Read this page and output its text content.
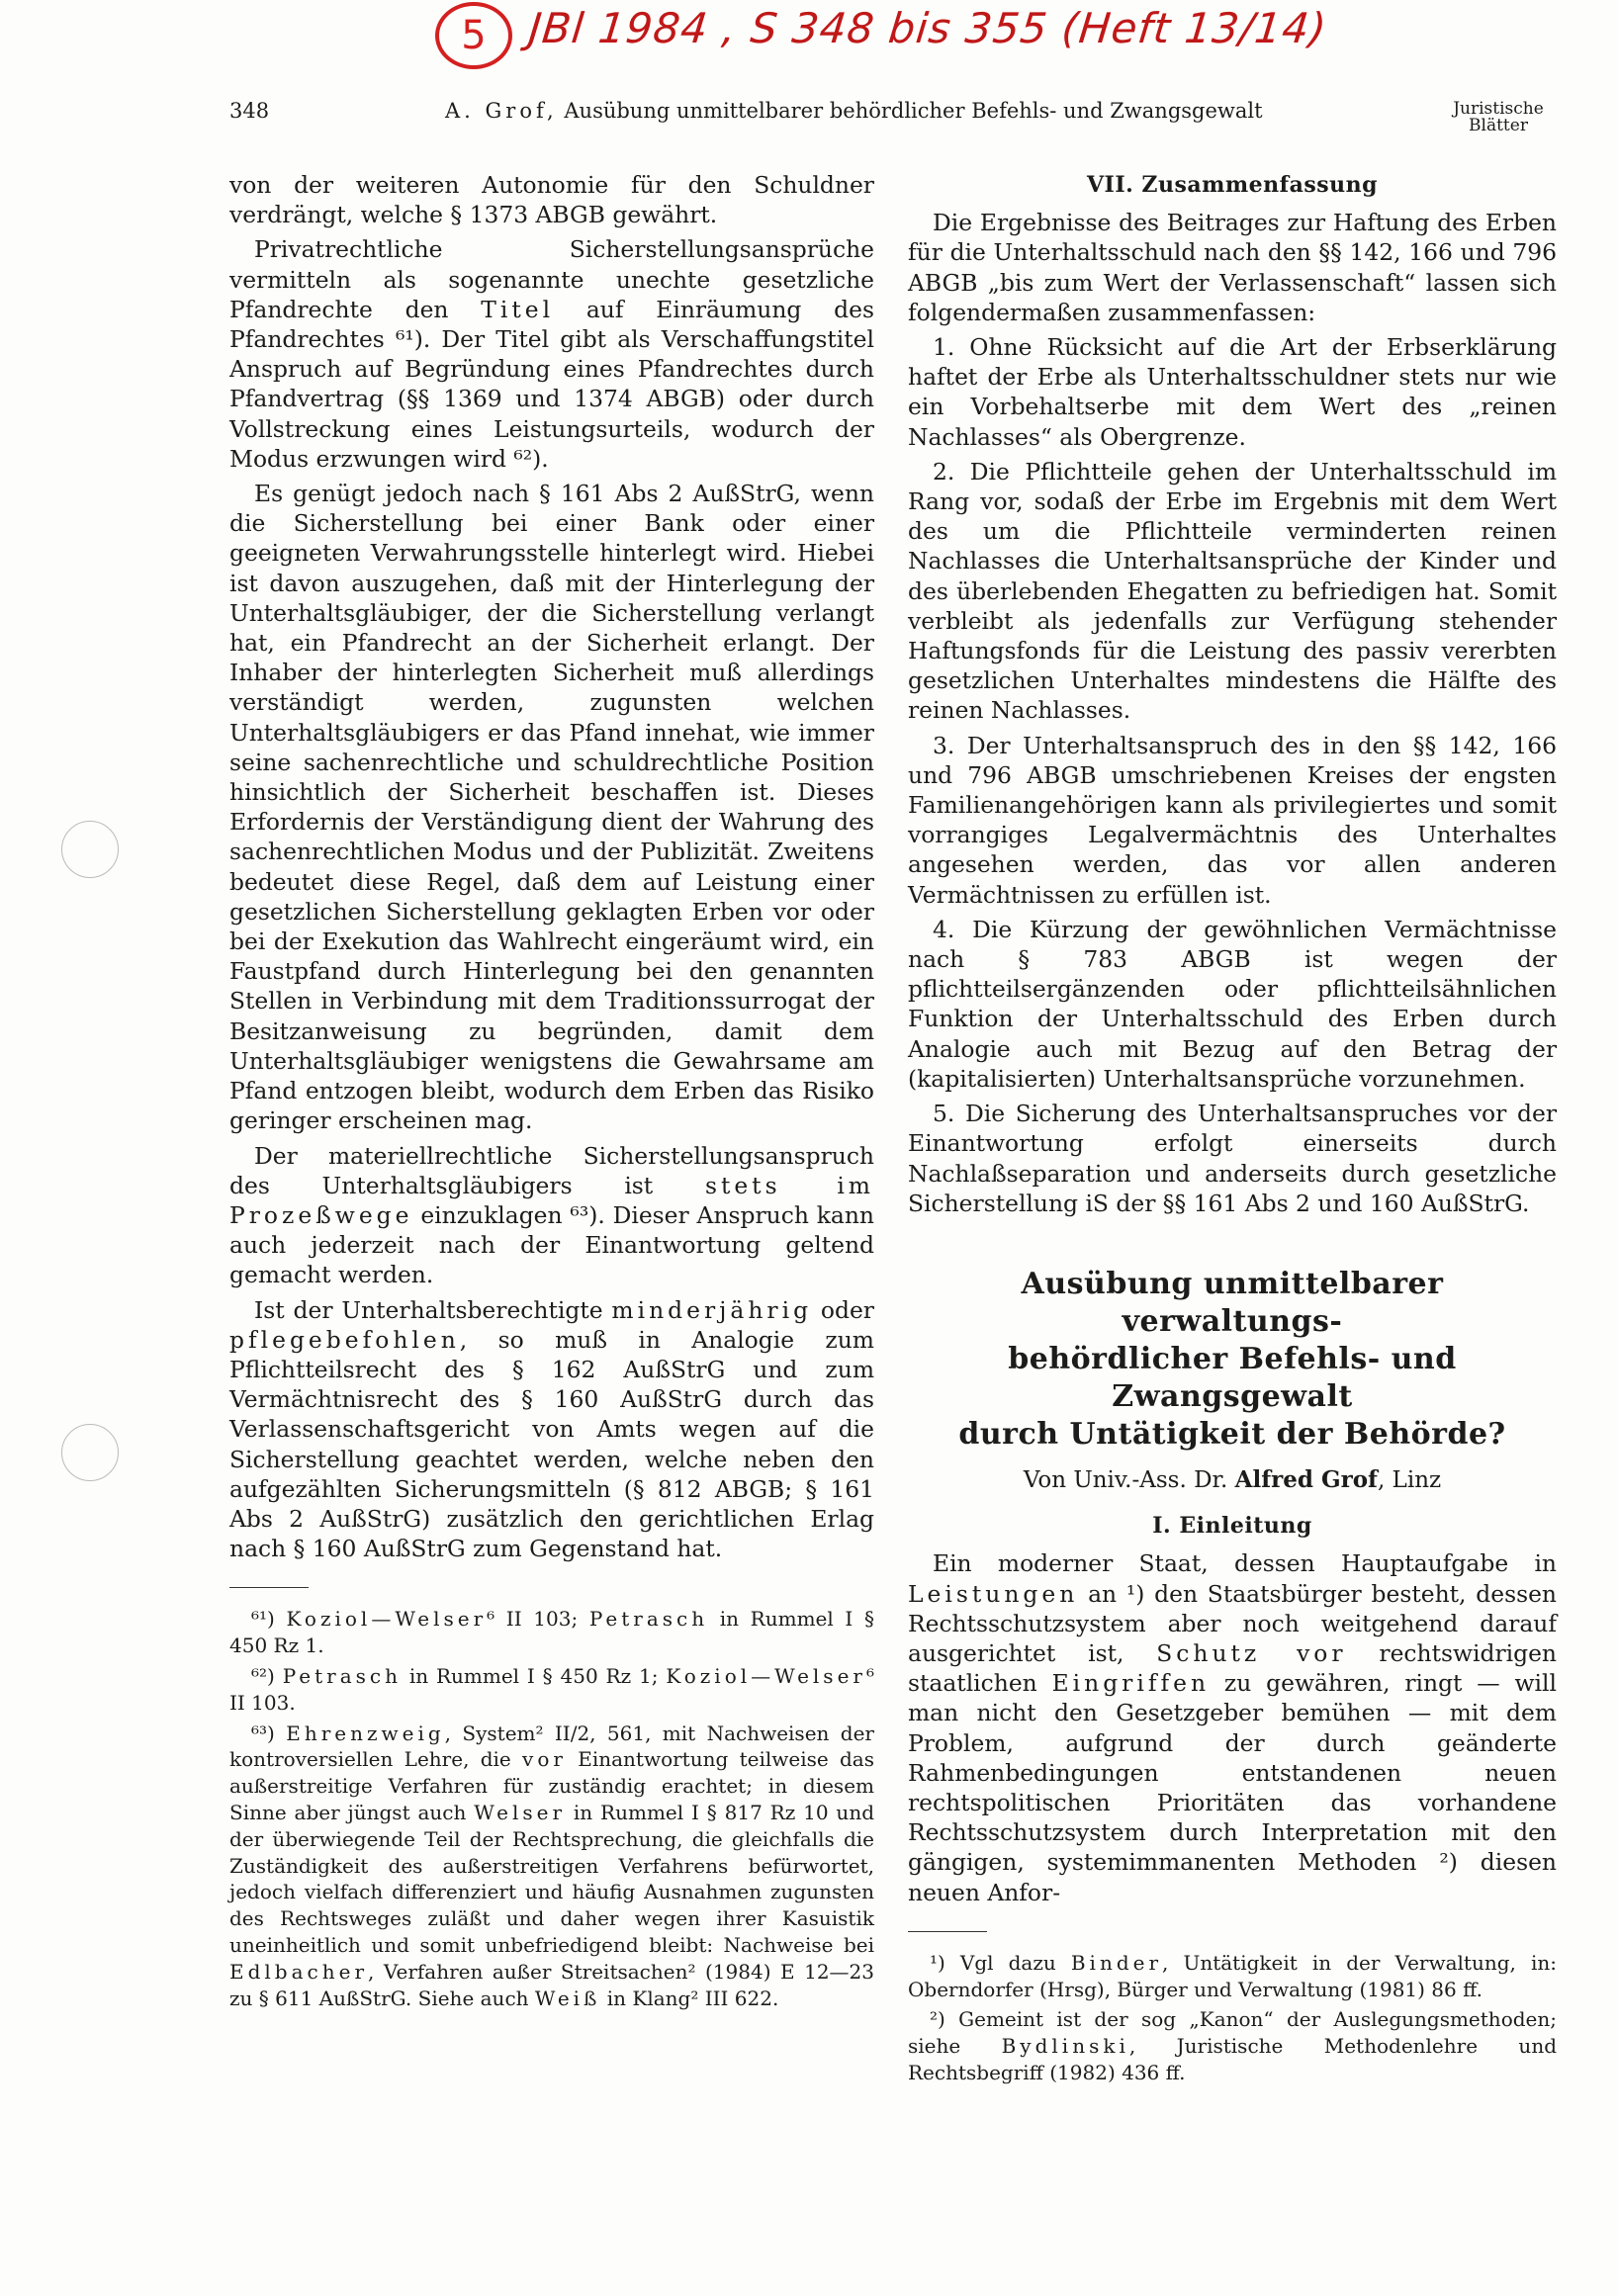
5 JBl 1984 , S 348 bis 355 (Heft 13/14)
348	A. Grof, Ausübung unmittelbarer behördlicher Befehls- und Zwangsgewalt	Juristische Blätter

von der weiteren Autonomie für den Schuldner verdrängt, welche § 1373 ABGB gewährt.

Privatrechtliche Sicherstellungsansprüche vermitteln als sogenannte unechte gesetzliche Pfandrechte den Titel auf Einräumung des Pfandrechtes ⁶¹). Der Titel gibt als Verschaffungstitel Anspruch auf Begründung eines Pfandrechtes durch Pfandvertrag (§§ 1369 und 1374 ABGB) oder durch Vollstreckung eines Leistungsurteils, wodurch der Modus erzwungen wird ⁶²).

Es genügt jedoch nach § 161 Abs 2 AußStrG, wenn die Sicherstellung bei einer Bank oder einer geeigneten Verwahrungsstelle hinterlegt wird. Hiebei ist davon auszugehen, daß mit der Hinterlegung der Unterhaltsgläubiger, der die Sicherstellung verlangt hat, ein Pfandrecht an der Sicherheit erlangt. Der Inhaber der hinterlegten Sicherheit muß allerdings verständigt werden, zugunsten welchen Unterhaltsgläubigers er das Pfand innehat, wie immer seine sachenrechtliche und schuldrechtliche Position hinsichtlich der Sicherheit beschaffen ist. Dieses Erfordernis der Verständigung dient der Wahrung des sachenrechtlichen Modus und der Publizität. Zweitens bedeutet diese Regel, daß dem auf Leistung einer gesetzlichen Sicherstellung geklagten Erben vor oder bei der Exekution das Wahlrecht eingeräumt wird, ein Faustpfand durch Hinterlegung bei den genannten Stellen in Verbindung mit dem Traditionssurrogat der Besitzanweisung zu begründen, damit dem Unterhaltsgläubiger wenigstens die Gewahrsame am Pfand entzogen bleibt, wodurch dem Erben das Risiko geringer erscheinen mag.

Der materiellrechtliche Sicherstellungsanspruch des Unterhaltsgläubigers ist stets im Prozeßwege einzuklagen ⁶³). Dieser Anspruch kann auch jederzeit nach der Einantwortung geltend gemacht werden.

Ist der Unterhaltsberechtigte minderjährig oder pflegebefohlen, so muß in Analogie zum Pflichtteilsrecht des § 162 AußStrG und zum Vermächtnisrecht des § 160 AußStrG durch das Verlassenschaftsgericht von Amts wegen auf die Sicherstellung geachtet werden, welche neben den aufgezählten Sicherungsmitteln (§ 812 ABGB; § 161 Abs 2 AußStrG) zusätzlich den gerichtlichen Erlag nach § 160 AußStrG zum Gegenstand hat.

⁶¹) Koziol—Welser⁶ II 103; Petrasch in Rummel I § 450 Rz 1.

⁶²) Petrasch in Rummel I § 450 Rz 1; Koziol—Welser⁶ II 103.

⁶³) Ehrenzweig, System² II/2, 561, mit Nachweisen der kontroversiellen Lehre, die vor Einantwortung teilweise das außerstreitige Verfahren für zuständig erachtet; in diesem Sinne aber jüngst auch Welser in Rummel I § 817 Rz 10 und der überwiegende Teil der Rechtsprechung, die gleichfalls die Zuständigkeit des außerstreitigen Verfahrens befürwortet, jedoch vielfach differenziert und häufig Ausnahmen zugunsten des Rechtsweges zuläßt und daher wegen ihrer Kasuistik uneinheitlich und somit unbefriedigend bleibt: Nachweise bei Edlbacher, Verfahren außer Streitsachen² (1984) E 12—23 zu § 611 AußStrG. Siehe auch Weiß in Klang² III 622.

VII. Zusammenfassung

Die Ergebnisse des Beitrages zur Haftung des Erben für die Unterhaltsschuld nach den §§ 142, 166 und 796 ABGB „bis zum Wert der Verlassenschaft“ lassen sich folgendermaßen zusammenfassen:

1. Ohne Rücksicht auf die Art der Erbserklärung haftet der Erbe als Unterhaltsschuldner stets nur wie ein Vorbehaltserbe mit dem Wert des „reinen Nachlasses“ als Obergrenze.

2. Die Pflichtteile gehen der Unterhaltsschuld im Rang vor, sodaß der Erbe im Ergebnis mit dem Wert des um die Pflichtteile verminderten reinen Nachlasses die Unterhaltsansprüche der Kinder und des überlebenden Ehegatten zu befriedigen hat. Somit verbleibt als jedenfalls zur Verfügung stehender Haftungsfonds für die Leistung des passiv vererbten gesetzlichen Unterhaltes mindestens die Hälfte des reinen Nachlasses.

3. Der Unterhaltsanspruch des in den §§ 142, 166 und 796 ABGB umschriebenen Kreises der engsten Familienangehörigen kann als privilegiertes und somit vorrangiges Legalvermächtnis des Unterhaltes angesehen werden, das vor allen anderen Vermächtnissen zu erfüllen ist.

4. Die Kürzung der gewöhnlichen Vermächtnisse nach § 783 ABGB ist wegen der pflichtteilsergänzenden oder pflichtteilsähnlichen Funktion der Unterhaltsschuld des Erben durch Analogie auch mit Bezug auf den Betrag der (kapitalisierten) Unterhaltsansprüche vorzunehmen.

5. Die Sicherung des Unterhaltsanspruches vor der Einantwortung erfolgt einerseits durch Nachlaßseparation und anderseits durch gesetzliche Sicherstellung iS der §§ 161 Abs 2 und 160 AußStrG.

Ausübung unmittelbarer verwaltungs-
behördlicher Befehls- und Zwangsgewalt
durch Untätigkeit der Behörde?
Von Univ.-Ass. Dr. Alfred Grof, Linz
I. Einleitung

Ein moderner Staat, dessen Hauptaufgabe in Leistungen an ¹) den Staatsbürger besteht, dessen Rechtsschutzsystem aber noch weitgehend darauf ausgerichtet ist, Schutz vor rechtswidrigen staatlichen Eingriffen zu gewähren, ringt — will man nicht den Gesetzgeber bemühen — mit dem Problem, aufgrund der durch geänderte Rahmenbedingungen entstandenen neuen rechtspolitischen Prioritäten das vorhandene Rechtsschutzsystem durch Interpretation mit den gängigen, systemimmanenten Methoden ²) diesen neuen Anfor-

¹) Vgl dazu Binder, Untätigkeit in der Verwaltung, in: Oberndorfer (Hrsg), Bürger und Verwaltung (1981) 86 ff.

²) Gemeint ist der sog „Kanon“ der Auslegungsmethoden; siehe Bydlinski, Juristische Methodenlehre und Rechtsbegriff (1982) 436 ff.
